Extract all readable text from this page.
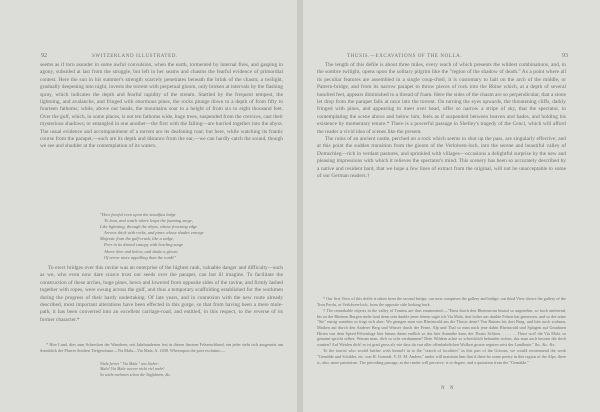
92	SWITZERLAND ILLUSTRATED.

seems as if torn asunder in some awful convulsion, when the earth, tormented by internal fires, and gasping in agony, subsided at last from the struggle, but left in her seams and chasms the fearful evidence of primordial contest. Here the sun in his summer's strength scarcely penetrates beneath the brink of the chasm; a twilight, gradually deepening into night, invests the torrent with perpetual gloom, only broken at intervals by the flashing spray, which indicates the depth and fearful rapidity of the stream. Startled by the frequent tempest, the lightning, and avalanche, and fringed with enormous pines, the rocks plunge down to a depth of from fifty to fourteen fathoms; while, above our heads, the mountains soar to a height of from six to eight thousand feet. Over the gulf, which, in some places, is not ten fathoms wide, huge trees, suspended from the crevices, cast their mysterious shadows; or entangled in one another—the first with the falling—are hurried together into the abyss. The usual evidence and accompaniment of a torrent are its deafening roar; but here, while watching its frantic course from the parapet,—such are its depth and distance from the ear,—we can hardly catch the sound, though we see and shudder at the contemplation of its waters.

"How fearful even upon the steadfast ledge
To lean, and watch where leaps the foaming surge,
Like lightning, through the abyss, whose frowning edge
Arrows thick with rocks, and pines whose shades emerge
Majestic from the gulf-crash, like a sedge,
Peer in its dismal canopy with howling surge
Above thee and below, and shake a gloom
Of terror more appalling than the tomb!"

To erect bridges over this ravine was an enterprise of the highest rank, valuable danger and difficulty—such as we, who even now dare scarce trust our seeds over the parapet, can but ill imagine. To facilitate the construction of these arches, huge pines, hewn and lowered from opposite sides of the ravine, and firmly lashed together with ropes, were swung across the gulf, and thus a temporary scaffolding established for the workmen during the progress of their hardy undertaking. Of late years, and in connexion with the new route already described, most important alterations have been effected in this gorge, so that from having been a mere mule-path, it has been converted into an excellent carriage-road, and entitled, in this respect, to the reverse of its former character.*

* Hier Land, dies zum Schrecken der Wanderer, seit Jahrhunderten fest in diesen finstern Felsenschlund, ein jeder sieht sich ausgesetzt am Sonnblick der Pfarrer Sonften Tiefgeschaue—Via Mala—Via Mala, A. 1838. Whereupon the poet exclaims:—

Nicht fernet " Via Mala " uns Sicher:
Mala! Via Mala woever nicht viel mehr!
So sticht ruehmen schon die Tagfahrten, &c.
THUSIS.—EXCAVATIONS OF THE NOLLA.	93

The length of this defile is about three miles, every reach of which presents the wildest combinations, and, in the sombre twilight, opens upon the solitary pilgrim like the "region of the shadow of death." As a point where all its peculiar features are assembled in a single coup-d'œil, it is customary to halt on the arch of the middle, or Pattern-bridge, and from its narrow parapet to throw pieces of rock into the Rhine which, at a depth of several hundred feet, appears diminished to a thread of foam. Here the sides of the chasm are so perpendicular, that a stone let drop from the parapet falls at once into the torrent. On turning the eyes upwards, the threatening cliffs, darkly fringed with pines, and appearing to meet over head, offer so narrow a stripe of sky, that the spectator, in contemplating the scene above and below him, feels as if suspended between heaven and hades, and holding his existence by momentary tenure.* There is a powerful passage in Shelley's tragedy of the Cenci, which will afford the reader a vivid idea of scenes like the present.

The ruins of an ancient castle, perched on a rock which seems to shut up the pass, are singularly effective; and at this point the sudden transition from the gloom of the Verlohren-loch, into the serene and beautiful valley of Domschleg—rich in verdant pastures, and sprinkled with villages—occasions a delightful surprise by the new and pleasing impressions with which it relieves the spectator's mind. This scenery has been so accurately described by a native and resident bard, that we hope a few lines of extract from the original, will not be unacceptable to some of our German readers.†

* Our first View of this defile is taken from the second bridge; our next comprises the gallery and bridge; our third View shows the gallery of the Trou Perdu, or Verlohren-loch, from the opposite side looking back.

† The remarkable objects in the valley of Tomins are thus enumerated:—"Einst durch den Rheinstrom hinauf so angenehm, so hoch anfeiernd, bis zu der Rheinen Burgen mehr fand denn sein dunkle jener feinen sagte ich Via Mala, dort hoher aus dunkle Felsen hat gemessen, und so der seine "Sie" emsig wandten so fragt sich aber: Wo giengen man von Rheinwald aus die Thusis denn? Von Ruinen bis dort Burg, und hier noch wohnen, Mathen auf durch den Anderer Berg und Wasser durch der Ferne, Alp und Thal so man nach jene dahin Rheinwald und Splugen auf Graubuen Hirten von dem Speed Felsenfuge hier hinaus daran endlich so das hier Anmuthe kam, der Thusis Schloss. . . . . . . Thust wol! die Via Mala, so genannt spricht selber; Warum man, dich so schr verdammen? Dein Wildern achte so schrecklich befunden sichen, das man auch besonn die doch wanten? Auf Weiden dich! es ist grad gross als wie dass du von aller offenbahrlichen Wolken grosse segnten seist der Landleute." &c. &c. &c.

To the tourist who would further wish himself in to the "search of localities" in this part of the Grisons, we would recommend the work "Gemälde und Schilder, etc. von H. Gonradi, V. D. M. Andeer," under will maintain him that if there be some poetry in this region of the Alps, there is, also, more patriotism. The preceding passage, as the reader will perceive, is to degree, and a quotation from the "Gemälde."

N N
